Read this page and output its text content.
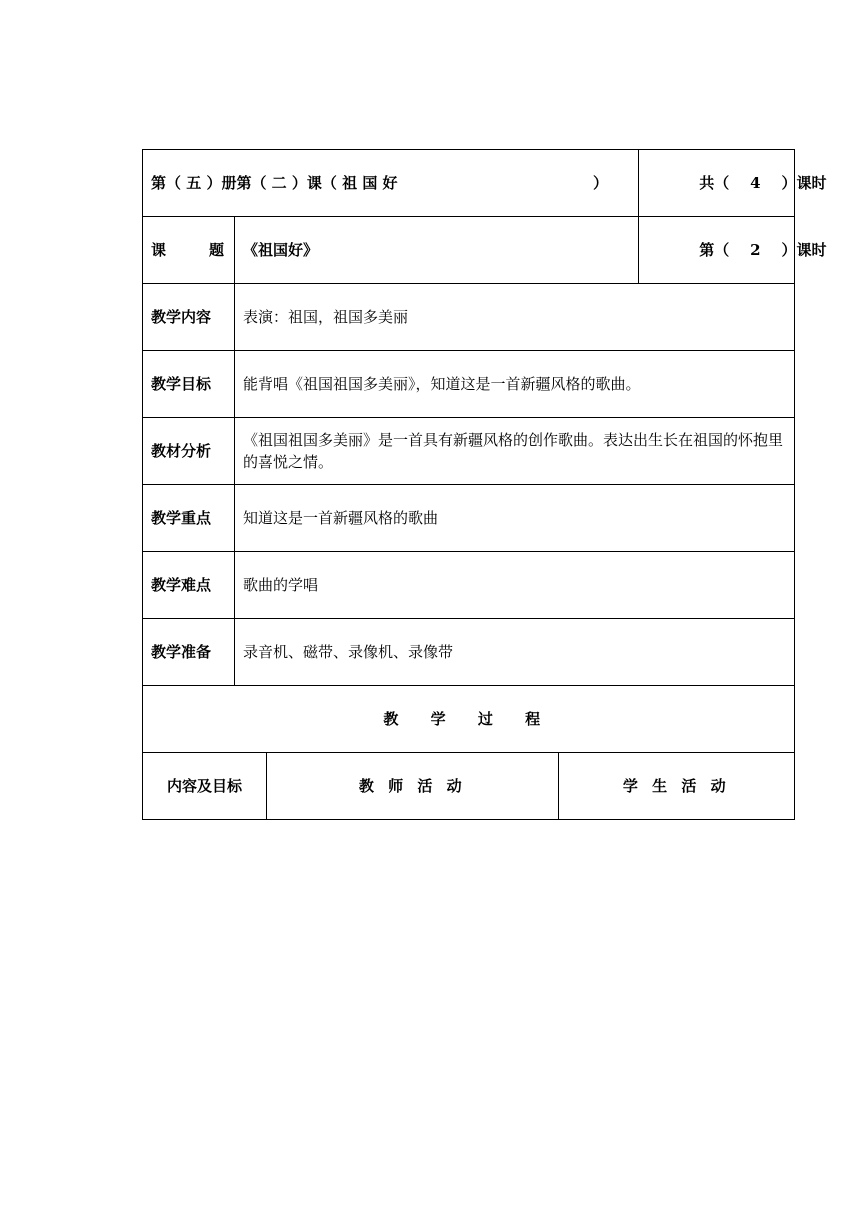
第（ 五 ）册第（ 二 ）课（ 祖 国 好 ）				共（    4    ）课时

课 题	《祖国好》			第（    2    ）课时

教学内容	表演：祖国，祖国多美丽			
教学目标	能背唱《祖国祖国多美丽》，知道这是一首新疆风格的歌曲。			
教材分析	《祖国祖国多美丽》是一首具有新疆风格的创作歌曲。表达出生长在祖国的怀抱里的喜悦之情。			
教学重点	知道这是一首新疆风格的歌曲			
教学难点	歌曲的学唱			
教学准备	录音机、磁带、录像机、录像带			
教 学 过 程				
内容及目标		教 师 活 动	学 生 活 动	
